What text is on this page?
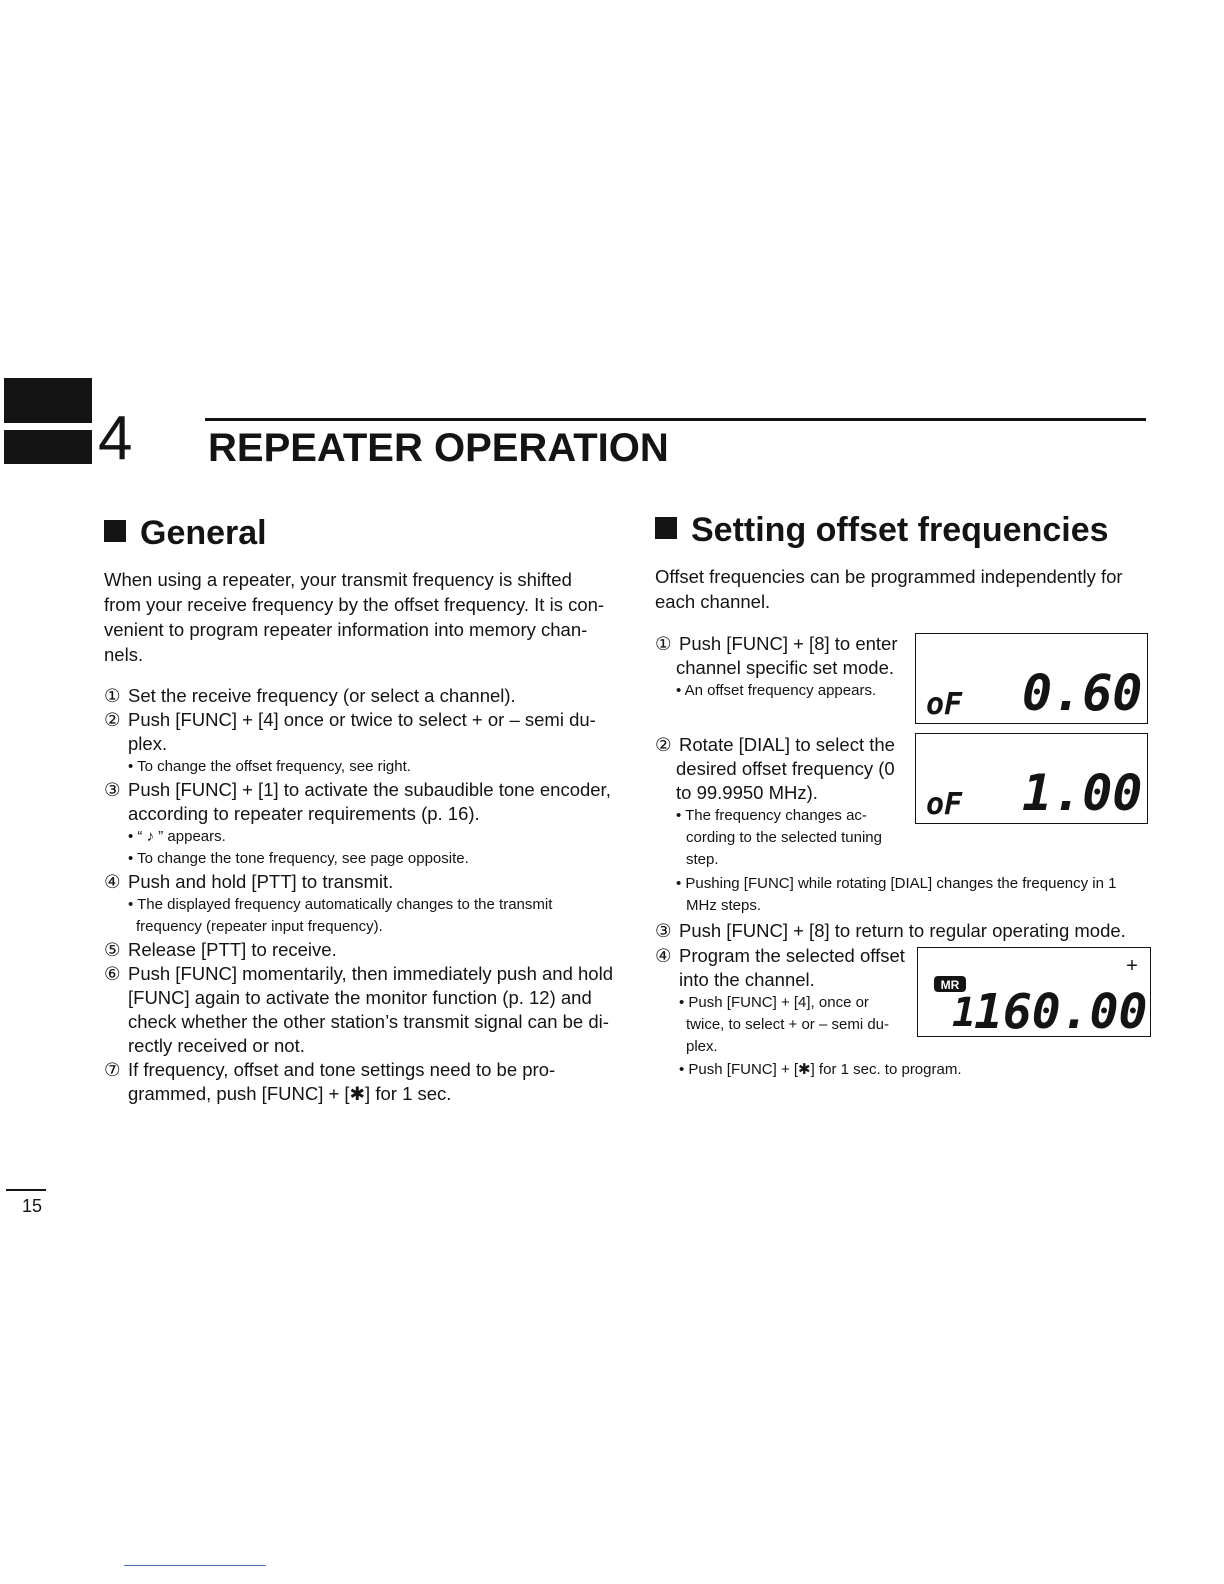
4 REPEATER OPERATION
General
When using a repeater, your transmit frequency is shifted
from your receive frequency by the offset frequency. It is con-
venient to program repeater information into memory chan-
nels.
① Set the receive frequency (or select a channel).
② Push [FUNC] + [4] once or twice to select + or – semi du-
plex.
• To change the offset frequency, see right.
③ Push [FUNC] + [1] to activate the subaudible tone encoder,
according to repeater requirements (p. 16).
• “ ♪ ” appears.
• To change the tone frequency, see page opposite.
④ Push and hold [PTT] to transmit.
• The displayed frequency automatically changes to the transmit
frequency (repeater input frequency).
⑤ Release [PTT] to receive.
⑥ Push [FUNC] momentarily, then immediately push and hold
[FUNC] again to activate the monitor function (p. 12) and
check whether the other station’s transmit signal can be di-
rectly received or not.
⑦ If frequency, offset and tone settings need to be pro-
grammed, push [FUNC] + [✱] for 1 sec.
Setting offset frequencies
Offset frequencies can be programmed independently for
each channel.
① Push [FUNC] + [8] to enter
channel specific set mode.
• An offset frequency appears.	oF 0.60
② Rotate [DIAL] to select the
desired offset frequency (0
to 99.9950 MHz).
• The frequency changes ac-
cording to the selected tuning
step.
• Pushing [FUNC] while rotating [DIAL] changes the frequency in 1
MHz steps.
oF 1.00
③ Push [FUNC] + [8] to return to regular operating mode.
④ Program the selected offset
into the channel.
• Push [FUNC] + [4], once or
twice, to select + or – semi du-
plex.
• Push [FUNC] + [✱] for 1 sec. to program.
MR
+
1
160.00
15
